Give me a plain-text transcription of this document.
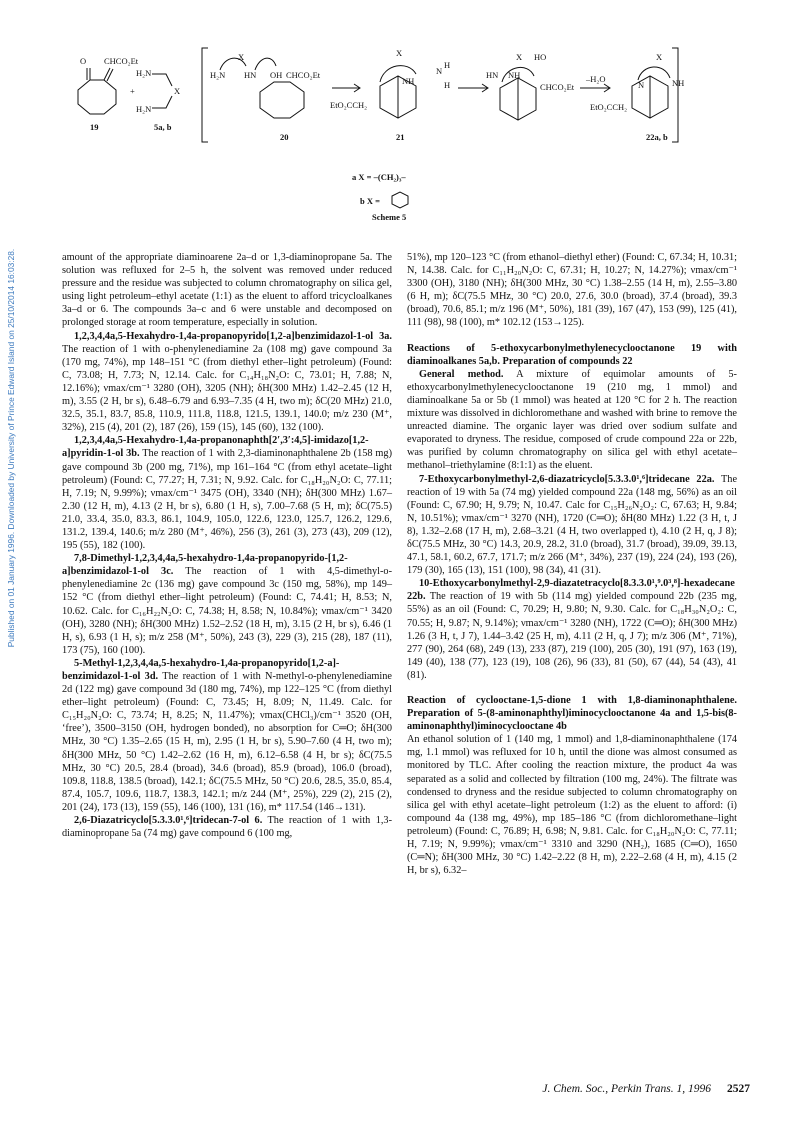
Published on 01 January 1996. Downloaded by University of Prince Edward Island on 25/10/2014 16:03:28.
O CHCO₂Et
19
+
H₂N
H₂N
X
5a, b
X
H₂N HN OH CHCO₂Et
20
X
NH
N
H
H
EtO₂CCH₂
21
X HO
HN NH
CHCO₂Et
–H₂O
X
N	NH
EtO₂CCH₂
22a, b
a X = –(CH₂)₃–
b X =
Scheme 5

amount of the appropriate diaminoarene 2a–d or 1,3-diaminopropane 5a. The solution was refluxed for 2–5 h, the solvent was removed under reduced pressure and the residue was subjected to column chromatography on silica gel, using light petroleum–ethyl acetate (1:1) as the eluent to afford tricycloalkanes 3a–d or 6. The compounds 3a–c and 6 were unstable and decomposed on prolonged storage at room temperature, especially in solution.

1,2,3,4,4a,5-Hexahydro-1,4a-propanopyrido[1,2-a]benzimidazol-1-ol 3a. The reaction of 1 with o-phenylenediamine 2a (108 mg) gave compound 3a (170 mg, 74%), mp 148–151 °C (from diethyl ether–light petroleum) (Found: C, 73.08; H, 7.73; N, 12.14. Calc. for C₁₄H₁₈N₂O: C, 73.01; H, 7.88; N, 12.16%); νmax/cm⁻¹ 3280 (OH), 3205 (NH); δH(300 MHz) 1.42–2.45 (12 H, m), 3.55 (2 H, br s), 6.48–6.79 and 6.93–7.35 (4 H, two m); δC(20 MHz) 21.0, 32.5, 35.1, 83.7, 85.8, 110.9, 111.8, 118.8, 121.5, 139.1, 140.0; m/z 230 (M⁺, 32%), 215 (4), 201 (2), 187 (26), 159 (15), 145 (60), 132 (100).

1,2,3,4,4a,5-Hexahydro-1,4a-propanonaphth[2′,3′:4,5]-imidazo[1,2-a]pyridin-1-ol 3b. The reaction of 1 with 2,3-diaminonaphthalene 2b (158 mg) gave compound 3b (200 mg, 71%), mp 161–164 °C (from ethyl acetate–light petroleum) (Found: C, 77.27; H, 7.31; N, 9.92. Calc. for C₁₈H₂₀N₂O: C, 77.11; H, 7.19; N, 9.99%); νmax/cm⁻¹ 3475 (OH), 3340 (NH); δH(300 MHz) 1.67–2.30 (12 H, m), 4.13 (2 H, br s), 6.80 (1 H, s), 7.00–7.68 (5 H, m); δC(75.5) 21.0, 33.4, 35.0, 83.3, 86.1, 104.9, 105.0, 122.6, 123.0, 125.7, 126.2, 129.6, 131.2, 139.4, 140.6; m/z 280 (M⁺, 46%), 256 (3), 261 (3), 273 (43), 209 (12), 195 (55), 182 (100).

7,8-Dimethyl-1,2,3,4,4a,5-hexahydro-1,4a-propanopyrido-[1,2-a]benzimidazol-1-ol 3c. The reaction of 1 with 4,5-dimethyl-o-phenylenediamine 2c (136 mg) gave compound 3c (150 mg, 58%), mp 149–152 °C (from diethyl ether–light petroleum) (Found: C, 74.41; H, 8.53; N, 10.62. Calc. for C₁₆H₂₂N₂O: C, 74.38; H, 8.58; N, 10.84%); νmax/cm⁻¹ 3420 (OH), 3280 (NH); δH(300 MHz) 1.52–2.52 (18 H, m), 3.15 (2 H, br s), 6.46 (1 H, s), 6.93 (1 H, s); m/z 258 (M⁺, 50%), 243 (3), 229 (3), 215 (28), 187 (11), 173 (75), 160 (100).

5-Methyl-1,2,3,4,4a,5-hexahydro-1,4a-propanopyrido[1,2-a]-benzimidazol-1-ol 3d. The reaction of 1 with N-methyl-o-phenylenediamine 2d (122 mg) gave compound 3d (180 mg, 74%), mp 122–125 °C (from diethyl ether–light petroleum) (Found: C, 73.45; H, 8.09; N, 11.49. Calc. for C₁₅H₂₀N₂O: C, 73.74; H, 8.25; N, 11.47%); νmax(CHCl₃)/cm⁻¹ 3520 (OH, ‘free’), 3500–3150 (OH, hydrogen bonded), no absorption for C═O; δH(300 MHz, 30 °C) 1.35–2.65 (15 H, m), 2.95 (1 H, br s), 5.90–7.60 (4 H, two m); δH(300 MHz, 50 °C) 1.42–2.62 (16 H, m), 6.12–6.58 (4 H, br s); δC(75.5 MHz, 30 °C) 20.5, 28.4 (broad), 34.6 (broad), 85.9 (broad), 106.0 (broad), 109.8, 118.8, 138.5 (broad), 142.1; δC(75.5 MHz, 50 °C) 20.6, 28.5, 35.0, 85.4, 87.4, 105.7, 109.6, 118.7, 138.3, 142.1; m/z 244 (M⁺, 25%), 229 (2), 215 (2), 201 (24), 173 (13), 159 (55), 146 (100), 131 (16), m* 117.54 (146→131).

2,6-Diazatricyclo[5.3.3.0¹,⁶]tridecan-7-ol 6. The reaction of 1 with 1,3-diaminopropane 5a (74 mg) gave compound 6 (100 mg,

51%), mp 120–123 °C (from ethanol–diethyl ether) (Found: C, 67.34; H, 10.31; N, 14.38. Calc. for C₁₁H₂₀N₂O: C, 67.31; H, 10.27; N, 14.27%); νmax/cm⁻¹ 3300 (OH), 3180 (NH); δH(300 MHz, 30 °C) 1.38–2.55 (14 H, m), 2.55–3.80 (6 H, m); δC(75.5 MHz, 30 °C) 20.0, 27.6, 30.0 (broad), 37.4 (broad), 39.3 (broad), 70.6, 85.1; m/z 196 (M⁺, 50%), 181 (39), 167 (47), 153 (99), 125 (41), 111 (98), 98 (100), m* 102.12 (153→125).

Reactions of 5-ethoxycarbonylmethylenecyclooctanone 19 with diaminoalkanes 5a,b. Preparation of compounds 22

General method. A mixture of equimolar amounts of 5-ethoxycarbonylmethylenecyclooctanone 19 (210 mg, 1 mmol) and diaminoalkane 5a or 5b (1 mmol) was heated at 120 °C for 2 h. The reaction mixture was dissolved in dichloromethane and washed with brine to remove the unreacted diamine. The organic layer was dried over sodium sulfate and evaporated to dryness. The residue, composed of crude compound 22a or 22b, was purified by column chromatography on silica gel with ethyl acetate–methanol–triethylamine (8:1:1) as the eluent.

7-Ethoxycarbonylmethyl-2,6-diazatricyclo[5.3.3.0¹,⁶]tridecane 22a. The reaction of 19 with 5a (74 mg) yielded compound 22a (148 mg, 56%) as an oil (Found: C, 67.90; H, 9.79; N, 10.47. Calc for C₁₅H₂₆N₂O₂: C, 67.63; H, 9.84; N, 10.51%); νmax/cm⁻¹ 3270 (NH), 1720 (C═O); δH(80 MHz) 1.22 (3 H, t, J 8), 1.32–2.68 (17 H, m), 2.68–3.21 (4 H, two overlapped t), 4.10 (2 H, q, J 8); δC(75.5 MHz, 30 °C) 14.3, 20.9, 28.2, 31.0 (broad), 31.7 (broad), 39.09, 39.13, 47.1, 58.1, 60.2, 67.7, 171.7; m/z 266 (M⁺, 34%), 237 (19), 224 (24), 193 (26), 179 (30), 165 (13), 151 (100), 98 (34), 41 (31).

10-Ethoxycarbonylmethyl-2,9-diazatetracyclo[8.3.3.0¹,⁹.0³,⁸]-hexadecane 22b. The reaction of 19 with 5b (114 mg) yielded compound 22b (235 mg, 55%) as an oil (Found: C, 70.29; H, 9.80; N, 9.30. Calc. for C₁₈H₃₀N₂O₂: C, 70.55; H, 9.87; N, 9.14%); νmax/cm⁻¹ 3280 (NH), 1722 (C═O); δH(300 MHz) 1.26 (3 H, t, J 7), 1.44–3.42 (25 H, m), 4.11 (2 H, q, J 7); m/z 306 (M⁺, 71%), 277 (90), 264 (68), 249 (13), 233 (87), 219 (100), 205 (30), 191 (97), 163 (19), 149 (40), 138 (77), 123 (19), 108 (26), 96 (33), 81 (50), 67 (44), 54 (43), 41 (81).

Reaction of cyclooctane-1,5-dione 1 with 1,8-diaminonaphthalene. Preparation of 5-(8-aminonaphthyl)iminocyclooctanone 4a and 1,5-bis(8-aminonaphthyl)iminocyclooctane 4b

An ethanol solution of 1 (140 mg, 1 mmol) and 1,8-diaminonaphthalene (174 mg, 1.1 mmol) was refluxed for 10 h, until the dione was almost consumed as monitored by TLC. After cooling the reaction mixture, the product 4a was separated as a solid and collected by filtration (100 mg, 24%). The filtrate was condensed to dryness and the residue subjected to column chromatography on silica gel with ethyl acetate–light petroleum (1:2) as the eluent to afford: (i) compound 4a (138 mg, 49%), mp 185–186 °C (from dichloromethane–light petroleum) (Found: C, 76.89; H, 6.98; N, 9.81. Calc. for C₁₈H₂₀N₂O: C, 77.11; H, 7.19; N, 9.99%); νmax/cm⁻¹ 3310 and 3290 (NH₂), 1685 (C═O), 1650 (C═N); δH(300 MHz, 30 °C) 1.42–2.22 (8 H, m), 2.22–2.68 (4 H, m), 4.15 (2 H, br s), 6.32–

J. Chem. Soc., Perkin Trans. 1, 1996 2527
